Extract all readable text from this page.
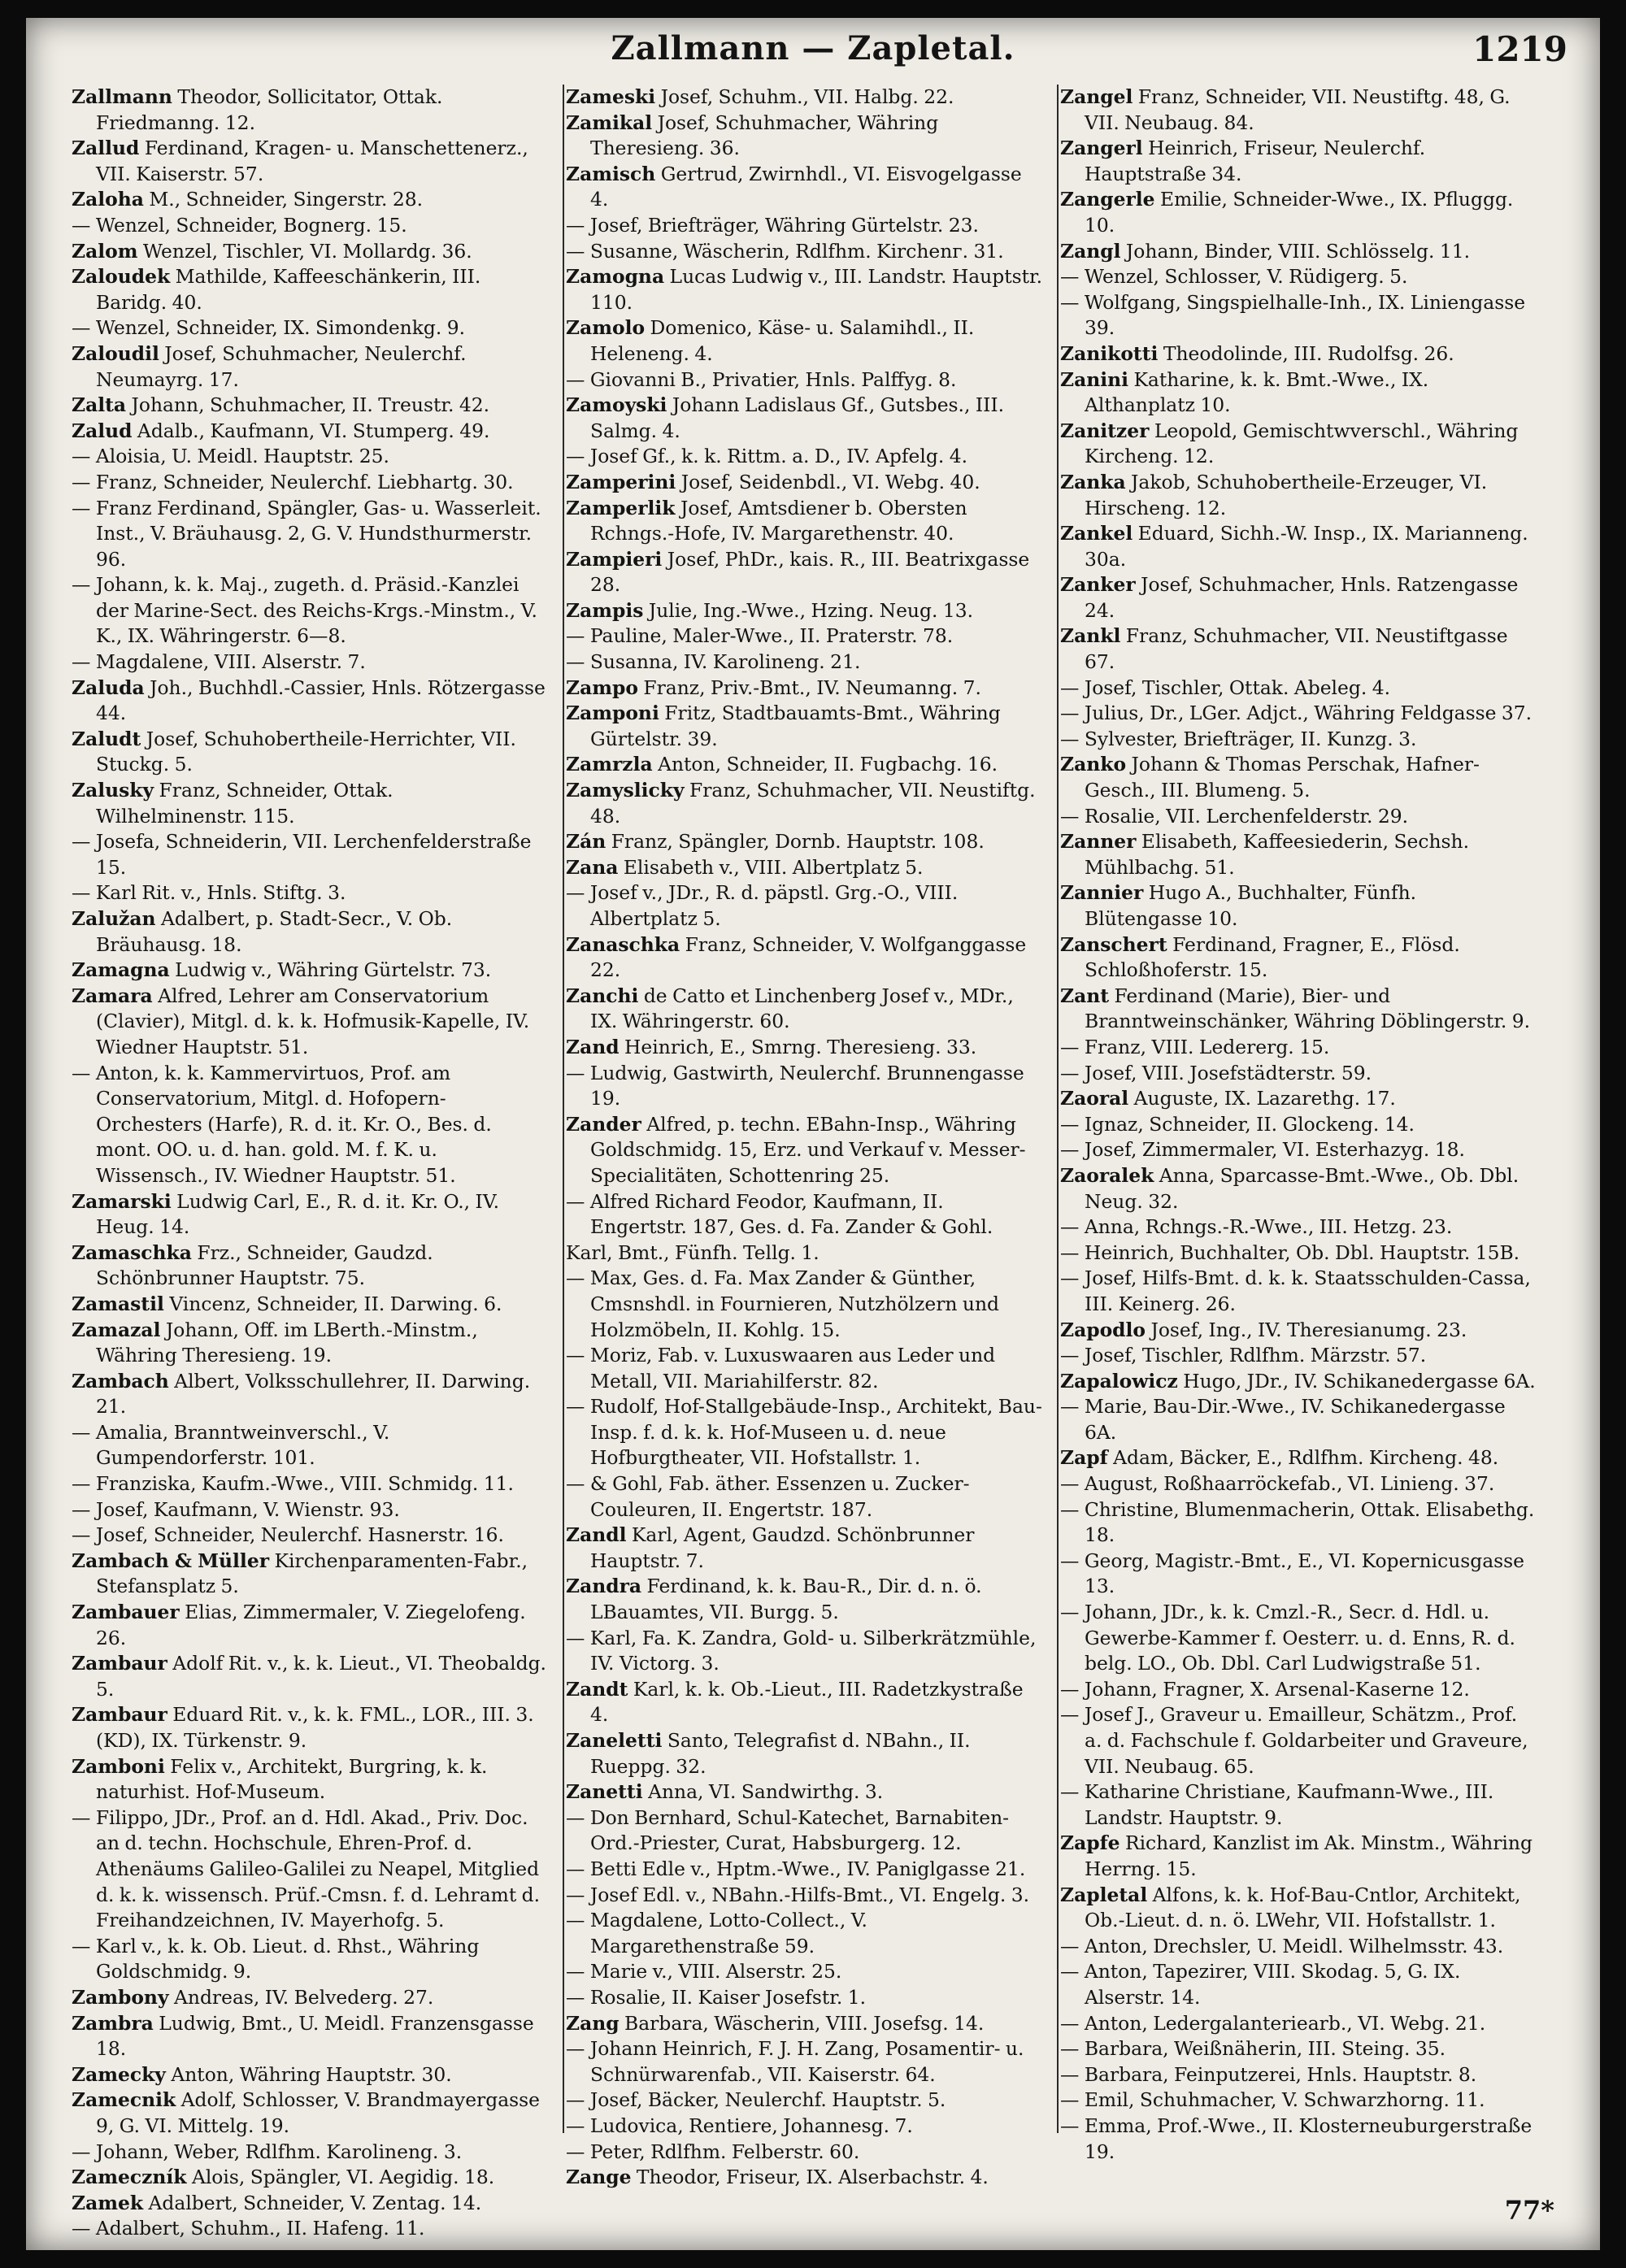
Zallmann — Zapletal.	1219
Zallmann Theodor, Sollicitator, Ottak. Friedmanng. 12.
Zallud Ferdinand, Kragen- u. Manschettenerz., VII. Kaiserstr. 57.
Zaloha M., Schneider, Singerstr. 28.
— Wenzel, Schneider, Bognerg. 15.
Zalom Wenzel, Tischler, VI. Mollardg. 36.
Zaloudek Mathilde, Kaffeeschänkerin, III. Baridg. 40.
— Wenzel, Schneider, IX. Simondenkg. 9.
Zaloudil Josef, Schuhmacher, Neulerchf. Neumayrg. 17.
Zalta Johann, Schuhmacher, II. Treustr. 42.
Zalud Adalb., Kaufmann, VI. Stumperg. 49.
— Aloisia, U. Meidl. Hauptstr. 25.
— Franz, Schneider, Neulerchf. Liebhartg. 30.
— Franz Ferdinand, Spängler, Gas- u. Wasserleit. Inst., V. Bräuhausg. 2, G. V. Hundsthurmerstr. 96.
— Johann, k. k. Maj., zugeth. d. Präsid.-Kanzlei der Marine-Sect. des Reichs-Krgs.-Minstm., V. K., IX. Währingerstr. 6—8.
— Magdalene, VIII. Alserstr. 7.
Zaluda Joh., Buchhdl.-Cassier, Hnls. Rötzergasse 44.
Zaludt Josef, Schuhobertheile-Herrichter, VII. Stuckg. 5.
Zalusky Franz, Schneider, Ottak. Wilhelminenstr. 115.
— Josefa, Schneiderin, VII. Lerchenfelderstraße 15.
— Karl Rit. v., Hnls. Stiftg. 3.
Zalužan Adalbert, p. Stadt-Secr., V. Ob. Bräuhausg. 18.
Zamagna Ludwig v., Währing Gürtelstr. 73.
Zamara Alfred, Lehrer am Conservatorium (Clavier), Mitgl. d. k. k. Hofmusik-Kapelle, IV. Wiedner Hauptstr. 51.
— Anton, k. k. Kammervirtuos, Prof. am Conservatorium, Mitgl. d. Hofopern-Orchesters (Harfe), R. d. it. Kr. O., Bes. d. mont. OO. u. d. han. gold. M. f. K. u. Wissensch., IV. Wiedner Hauptstr. 51.
Zamarski Ludwig Carl, E., R. d. it. Kr. O., IV. Heug. 14.
Zamaschka Frz., Schneider, Gaudzd. Schönbrunner Hauptstr. 75.
Zamastil Vincenz, Schneider, II. Darwing. 6.
Zamazal Johann, Off. im LBerth.-Minstm., Währing Theresieng. 19.
Zambach Albert, Volksschullehrer, II. Darwing. 21.
— Amalia, Branntweinverschl., V. Gumpendorferstr. 101.
— Franziska, Kaufm.-Wwe., VIII. Schmidg. 11.
— Josef, Kaufmann, V. Wienstr. 93.
— Josef, Schneider, Neulerchf. Hasnerstr. 16.
Zambach & Müller Kirchenparamenten-Fabr., Stefansplatz 5.
Zambauer Elias, Zimmermaler, V. Ziegelofeng. 26.
Zambaur Adolf Rit. v., k. k. Lieut., VI. Theobaldg. 5.
Zambaur Eduard Rit. v., k. k. FML., LOR., III. 3. (KD), IX. Türkenstr. 9.
Zamboni Felix v., Architekt, Burgring, k. k. naturhist. Hof-Museum.
— Filippo, JDr., Prof. an d. Hdl. Akad., Priv. Doc. an d. techn. Hochschule, Ehren-Prof. d. Athenäums Galileo-Galilei zu Neapel, Mitglied d. k. k. wissensch. Prüf.-Cmsn. f. d. Lehramt d. Freihandzeichnen, IV. Mayerhofg. 5.
— Karl v., k. k. Ob. Lieut. d. Rhst., Währing Goldschmidg. 9.
Zambony Andreas, IV. Belvederg. 27.
Zambra Ludwig, Bmt., U. Meidl. Franzensgasse 18.
Zamecky Anton, Währing Hauptstr. 30.
Zamecnik Adolf, Schlosser, V. Brandmayergasse 9, G. VI. Mittelg. 19.
— Johann, Weber, Rdlfhm. Karolineng. 3.
Zameczník Alois, Spängler, VI. Aegidig. 18.
Zamek Adalbert, Schneider, V. Zentag. 14.
— Adalbert, Schuhm., II. Hafeng. 11.
Zameski Josef, Schuhm., VII. Halbg. 22.
Zamikal Josef, Schuhmacher, Währing Theresieng. 36.
Zamisch Gertrud, Zwirnhdl., VI. Eisvogelgasse 4.
— Josef, Briefträger, Währing Gürtelstr. 23.
— Susanne, Wäscherin, Rdlfhm. Kirchenг. 31.
Zamogna Lucas Ludwig v., III. Landstr. Hauptstr. 110.
Zamolo Domenico, Käse- u. Salamihdl., II. Heleneng. 4.
— Giovanni B., Privatier, Hnls. Palffyg. 8.
Zamoyski Johann Ladislaus Gf., Gutsbes., III. Salmg. 4.
— Josef Gf., k. k. Rittm. a. D., IV. Apfelg. 4.
Zamperini Josef, Seidenbdl., VI. Webg. 40.
Zamperlik Josef, Amtsdiener b. Obersten Rchngs.-Hofe, IV. Margarethenstr. 40.
Zampieri Josef, PhDr., kais. R., III. Beatrixgasse 28.
Zampis Julie, Ing.-Wwe., Hzing. Neug. 13.
— Pauline, Maler-Wwe., II. Praterstr. 78.
— Susanna, IV. Karolineng. 21.
Zampo Franz, Priv.-Bmt., IV. Neumanng. 7.
Zamponi Fritz, Stadtbauamts-Bmt., Währing Gürtelstr. 39.
Zamrzla Anton, Schneider, II. Fugbachg. 16.
Zamyslicky Franz, Schuhmacher, VII. Neustiftg. 48.
Zán Franz, Spängler, Dornb. Hauptstr. 108.
Zana Elisabeth v., VIII. Albertplatz 5.
— Josef v., JDr., R. d. päpstl. Grg.-O., VIII. Albertplatz 5.
Zanaschka Franz, Schneider, V. Wolfganggasse 22.
Zanchi de Catto et Linchenberg Josef v., MDr., IX. Währingerstr. 60.
Zand Heinrich, E., Smrng. Theresieng. 33.
— Ludwig, Gastwirth, Neulerchf. Brunnengasse 19.
Zander Alfred, p. techn. EBahn-Insp., Währing Goldschmidg. 15, Erz. und Verkauf v. Messer-Specialitäten, Schottenring 25.
— Alfred Richard Feodor, Kaufmann, II. Engertstr. 187, Ges. d. Fa. Zander & Gohl.
Karl, Bmt., Fünfh. Tellg. 1.
— Max, Ges. d. Fa. Max Zander & Günther, Cmsnshdl. in Fournieren, Nutzhölzern und Holzmöbeln, II. Kohlg. 15.
— Moriz, Fab. v. Luxuswaaren aus Leder und Metall, VII. Mariahilferstr. 82.
— Rudolf, Hof-Stallgebäude-Insp., Architekt, Bau-Insp. f. d. k. k. Hof-Museen u. d. neue Hofburgtheater, VII. Hofstallstr. 1.
— & Gohl, Fab. äther. Essenzen u. Zucker-Couleuren, II. Engertstr. 187.
Zandl Karl, Agent, Gaudzd. Schönbrunner Hauptstr. 7.
Zandra Ferdinand, k. k. Bau-R., Dir. d. n. ö. LBauamtes, VII. Burgg. 5.
— Karl, Fa. K. Zandra, Gold- u. Silberkrätzmühle, IV. Victorg. 3.
Zandt Karl, k. k. Ob.-Lieut., III. Radetzkystraße 4.
Zaneletti Santo, Telegrafist d. NBahn., II. Rueppg. 32.
Zanetti Anna, VI. Sandwirthg. 3.
— Don Bernhard, Schul-Katechet, Barnabiten-Ord.-Priester, Curat, Habsburgerg. 12.
— Betti Edle v., Hptm.-Wwe., IV. Paniglgasse 21.
— Josef Edl. v., NBahn.-Hilfs-Bmt., VI. Engelg. 3.
— Magdalene, Lotto-Collect., V. Margarethenstraße 59.
— Marie v., VIII. Alserstr. 25.
— Rosalie, II. Kaiser Josefstr. 1.
Zang Barbara, Wäscherin, VIII. Josefsg. 14.
— Johann Heinrich, F. J. H. Zang, Posamentir- u. Schnürwarenfab., VII. Kaiserstr. 64.
— Josef, Bäcker, Neulerchf. Hauptstr. 5.
— Ludovica, Rentiere, Johannesg. 7.
— Peter, Rdlfhm. Felberstr. 60.
Zange Theodor, Friseur, IX. Alserbachstr. 4.
Zangel Franz, Schneider, VII. Neustiftg. 48, G. VII. Neubaug. 84.
Zangerl Heinrich, Friseur, Neulerchf. Hauptstraße 34.
Zangerle Emilie, Schneider-Wwe., IX. Pfluggg. 10.
Zangl Johann, Binder, VIII. Schlösselg. 11.
— Wenzel, Schlosser, V. Rüdigerg. 5.
— Wolfgang, Singspielhalle-Inh., IX. Liniengasse 39.
Zanikotti Theodolinde, III. Rudolfsg. 26.
Zanini Katharine, k. k. Bmt.-Wwe., IX. Althanplatz 10.
Zanitzer Leopold, Gemischtwverschl., Währing Kircheng. 12.
Zanka Jakob, Schuhobertheile-Erzeuger, VI. Hirscheng. 12.
Zankel Eduard, Sichh.-W. Insp., IX. Marianneng. 30a.
Zanker Josef, Schuhmacher, Hnls. Ratzengasse 24.
Zankl Franz, Schuhmacher, VII. Neustiftgasse 67.
— Josef, Tischler, Ottak. Abeleg. 4.
— Julius, Dr., LGer. Adjct., Währing Feldgasse 37.
— Sylvester, Briefträger, II. Kunzg. 3.
Zanko Johann & Thomas Perschak, Hafner-Gesch., III. Blumeng. 5.
— Rosalie, VII. Lerchenfelderstr. 29.
Zanner Elisabeth, Kaffeesiederin, Sechsh. Mühlbachg. 51.
Zannier Hugo A., Buchhalter, Fünfh. Blütengasse 10.
Zanschert Ferdinand, Fragner, E., Flösd. Schloßhoferstr. 15.
Zant Ferdinand (Marie), Bier- und Branntweinschänker, Währing Döblingerstr. 9.
— Franz, VIII. Ledererg. 15.
— Josef, VIII. Josefstädterstr. 59.
Zaoral Auguste, IX. Lazarethg. 17.
— Ignaz, Schneider, II. Glockeng. 14.
— Josef, Zimmermaler, VI. Esterhazyg. 18.
Zaoralek Anna, Sparcasse-Bmt.-Wwe., Ob. Dbl. Neug. 32.
— Anna, Rchngs.-R.-Wwe., III. Hetzg. 23.
— Heinrich, Buchhalter, Ob. Dbl. Hauptstr. 15B.
— Josef, Hilfs-Bmt. d. k. k. Staatsschulden-Cassa, III. Keinerg. 26.
Zapodlo Josef, Ing., IV. Theresianumg. 23.
— Josef, Tischler, Rdlfhm. Märzstr. 57.
Zapalowicz Hugo, JDr., IV. Schikanedergasse 6A.
— Marie, Bau-Dir.-Wwe., IV. Schikanedergasse 6A.
Zapf Adam, Bäcker, E., Rdlfhm. Kircheng. 48.
— August, Roßhaarröckefab., VI. Linieng. 37.
— Christine, Blumenmacherin, Ottak. Elisabethg. 18.
— Georg, Magistr.-Bmt., E., VI. Kopernicusgasse 13.
— Johann, JDr., k. k. Cmzl.-R., Secr. d. Hdl. u. Gewerbe-Kammer f. Oesterr. u. d. Enns, R. d. belg. LO., Ob. Dbl. Carl Ludwigstraße 51.
— Johann, Fragner, X. Arsenal-Kaserne 12.
— Josef J., Graveur u. Emailleur, Schätzm., Prof. a. d. Fachschule f. Goldarbeiter und Graveure, VII. Neubaug. 65.
— Katharine Christiane, Kaufmann-Wwe., III. Landstr. Hauptstr. 9.
Zapfe Richard, Kanzlist im Ak. Minstm., Währing Herrng. 15.
Zapletal Alfons, k. k. Hof-Bau-Cntlor, Architekt, Ob.-Lieut. d. n. ö. LWehr, VII. Hofstallstr. 1.
— Anton, Drechsler, U. Meidl. Wilhelmsstr. 43.
— Anton, Tapezirer, VIII. Skodag. 5, G. IX. Alserstr. 14.
— Anton, Ledergalanteriearb., VI. Webg. 21.
— Barbara, Weißnäherin, III. Steing. 35.
— Barbara, Feinputzerei, Hnls. Hauptstr. 8.
— Emil, Schuhmacher, V. Schwarzhorng. 11.
— Emma, Prof.-Wwe., II. Klosterneuburgerstraße 19.
77*
